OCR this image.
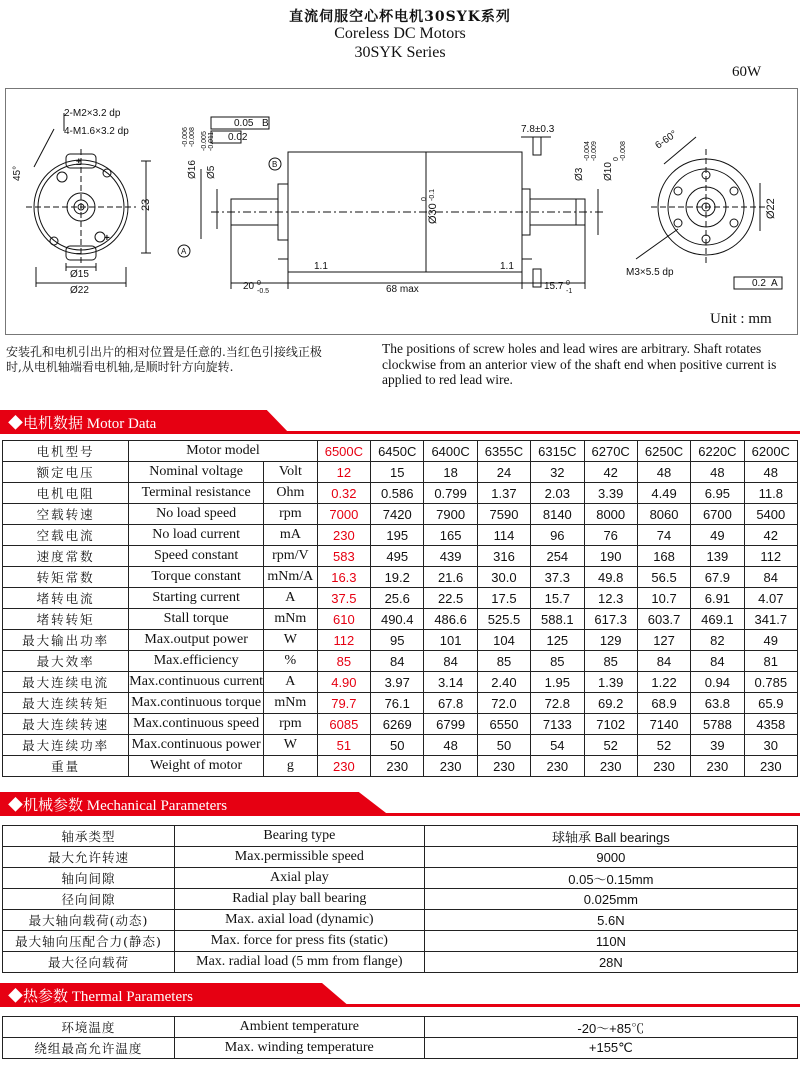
直流伺服空心杯电机30SYK系列
Coreless DC Motors
30SYK Series
60W
2-M2×3.2 dp
4-M1.6×3.2 dp
45°
±
−
+
23
Ø15
Ø22
Ø16
-0.006 -0.008
Ø5
-0.005 -0.011
0.05 B
0.02
A
B
Ø30
0 -0.1
1.1	1.1
20 0
-0.5	68 max
7.8±0.3
Ø3
-0.004 -0.009
Ø10
0 -0.008
15.7 0
-1
6-60°
Ø22
M3×5.5 dp
0.2 A
Unit : mm
安装孔和电机引出片的相对位置是任意的.当红色引接线正极时,从电机轴端看电机轴,是顺时针方向旋转.
The positions of screw holes and lead wires are arbitrary. Shaft rotates clockwise from an anterior view of the shaft end when positive current is applied to red lead wire.
◆电机数据 Motor Data
电机型号	Motor model		6500C	6450C	6400C	6355C	6315C	6270C	6250C	6220C	6200C
额定电压	Nominal voltage	Volt	12	15	18	24	32	42	48	48	48
电机电阻	Terminal resistance	Ohm	0.32	0.586	0.799	1.37	2.03	3.39	4.49	6.95	11.8
空载转速	No load speed	rpm	7000	7420	7900	7590	8140	8000	8060	6700	5400
空载电流	No load current	mA	230	195	165	114	96	76	74	49	42
速度常数	Speed constant	rpm/V	583	495	439	316	254	190	168	139	112
转矩常数	Torque constant	mNm/A	16.3	19.2	21.6	30.0	37.3	49.8	56.5	67.9	84
堵转电流	Starting current	A	37.5	25.6	22.5	17.5	15.7	12.3	10.7	6.91	4.07
堵转转矩	Stall torque	mNm	610	490.4	486.6	525.5	588.1	617.3	603.7	469.1	341.7
最大输出功率	Max.output power	W	112	95	101	104	125	129	127	82	49
最大效率	Max.efficiency	%	85	84	84	85	85	85	84	84	81
最大连续电流	Max.continuous current	A	4.90	3.97	3.14	2.40	1.95	1.39	1.22	0.94	0.785
最大连续转矩	Max.continuous torque	mNm	79.7	76.1	67.8	72.0	72.8	69.2	68.9	63.8	65.9
最大连续转速	Max.continuous speed	rpm	6085	6269	6799	6550	7133	7102	7140	5788	4358
最大连续功率	Max.continuous power	W	51	50	48	50	54	52	52	39	30
重量	Weight of motor	g	230	230	230	230	230	230	230	230	230
◆机械参数 Mechanical Parameters
轴承类型	Bearing type	球轴承 Ball bearings
最大允许转速	Max.permissible speed	9000
轴向间隙	Axial play	0.05～0.15mm
径向间隙	Radial play ball bearing	0.025mm
最大轴向载荷(动态)	Max. axial load (dynamic)	5.6N
最大轴向压配合力(静态)	Max. force for press fits (static)	110N
最大径向载荷	Max. radial load (5 mm from flange)	28N
◆热参数 Thermal Parameters
环境温度	Ambient temperature	-20～+85℃
绕组最高允许温度	Max. winding temperature	+155℃
